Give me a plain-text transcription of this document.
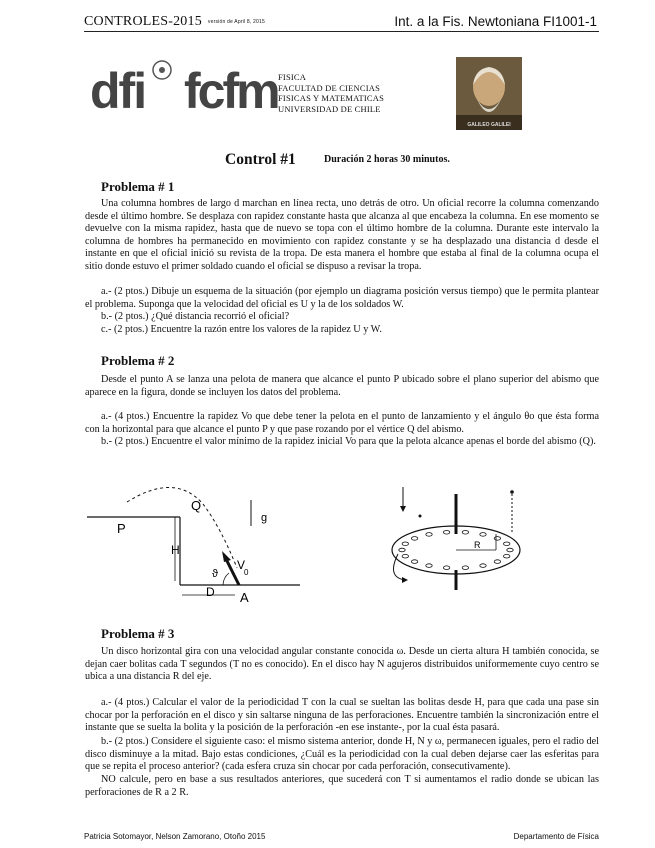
CONTROLES-2015 versión de April 8, 2015	Int. a la Fis. Newtoniana FI1001-1
dfi fcfm FISICA
FACULTAD DE CIENCIAS
FISICAS Y MATEMATICAS
UNIVERSIDAD DE CHILE
GALILEO GALILEI
Control #1	Duración 2 horas 30 minutos.
Problema # 1
Una columna hombres de largo d marchan en línea recta, uno detrás de otro. Un oficial recorre la columna comenzando desde el último hombre. Se desplaza con rapidez constante hasta que alcanza al que encabeza la columna. En ese momento se devuelve con la misma rapidez, hasta que de nuevo se topa con el último hombre de la columna. Durante este intervalo la columna de hombres ha permanecido en movimiento con rapidez constante y se ha desplazado una distancia d desde el instante en que el oficial inició su revista de la tropa. De esta manera el hombre que estaba al final de la columna ocupa el sitio donde estuvo el primer soldado cuando el oficial se dispuso a revisar la tropa.
a.- (2 ptos.) Dibuje un esquema de la situación (por ejemplo un diagrama posición versus tiempo) que le permita plantear el problema. Suponga que la velocidad del oficial es U y la de los soldados W.
b.- (2 ptos.) ¿Qué distancia recorrió el oficial?
c.- (2 ptos.) Encuentre la razón entre los valores de la rapidez U y W.
Problema # 2
Desde el punto A se lanza una pelota de manera que alcance el punto P ubicado sobre el plano superior del abismo que aparece en la figura, donde se incluyen los datos del problema.
a.- (4 ptos.) Encuentre la rapidez Vo que debe tener la pelota en el punto de lanzamiento y el ángulo θo que ésta forma con la horizontal para que alcance el punto P y que pase rozando por el vértice Q del abismo.
b.- (2 ptos.) Encuentre el valor mínimo de la rapidez inicial Vo para que la pelota alcance apenas el borde del abismo (Q).
P
Q
H
D A
g
ϑ
V
0
R
Problema # 3
Un disco horizontal gira con una velocidad angular constante conocida ω. Desde un cierta altura H también conocida, se dejan caer bolitas cada T segundos (T no es conocido). En el disco hay N agujeros distribuidos uniformemente cuyo centro se ubica a una distancia R del eje.
a.- (4 ptos.) Calcular el valor de la periodicidad T con la cual se sueltan las bolitas desde H, para que cada una pase sin chocar por la perforación en el disco y sin saltarse ninguna de las perforaciones. Encuentre también la sincronización entre el instante que se suelta la bolita y la posición de la perforación -en ese instante-, por la cual ésta pasará.
b.- (2 ptos.) Considere el siguiente caso: el mismo sistema anterior, donde H, N y ω, permanecen iguales, pero el radio del disco disminuye a la mitad. Bajo estas condiciones, ¿Cuál es la periodicidad con la cual deben dejarse caer las esferitas para que se repita el proceso anterior? (cada esfera cruza sin chocar por cada perforación, consecutivamente).
NO calcule, pero en base a sus resultados anteriores, que sucederá con T si aumentamos el radio donde se ubican las perforaciones de R a 2 R.
Patricia Sotomayor, Nelson Zamorano, Otoño 2015	Departamento de Física
